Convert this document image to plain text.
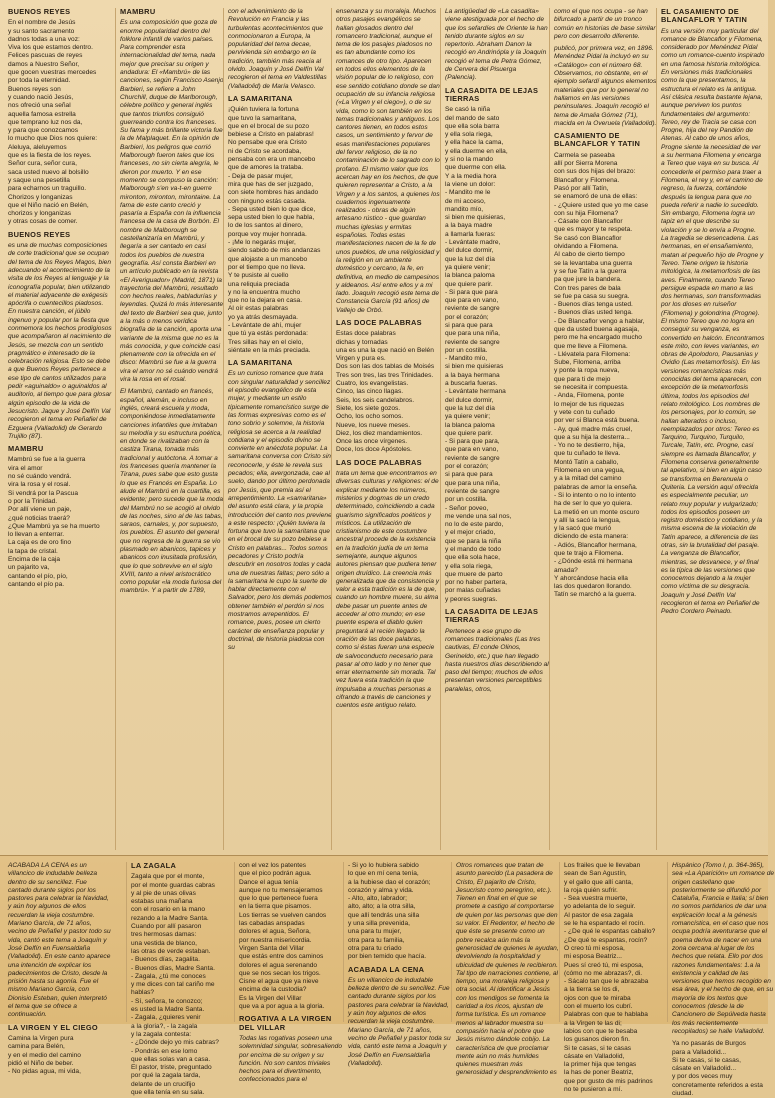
BUENOS REYES

En el nombre de Jesús
y su santo sacramento
dadnos todas a una voz:
Viva los que estamos dentro.
Felices pascuas de reyes
damos a Nuestro Señor,
que gocen vuestras mercedes
por toda la eternidad.
Buenos reyes son
y cuando nació Jesús,
nos ofreció una señal
aquella famosa estrella
que temprano luz nos da,
y para que conozcamos
lo mucho que Dios nos quiere:
Aleluya, aleluyemos
que es la fiesta de los reyes.
Señor cura, señor cura,
saca usted nuevo al bolsillo
y saque una pesetilla
para echarnos un traguillo.
Chorizos y longanizas
que el Niño nació en Belén,
chorizos y longanizas
y otras cosas de comer.

BUENOS REYES

es una de muchas composiciones de corte tradicional que se ocupan del tema de los Reyes Magos, bien adecuando el acontecimiento de la visita de los Reyes al lenguaje y la iconografía popular, bien utilizando el material adyacente de exégesis apócrifa o cuentecillos piadosos. En nuestra canción, el júbilo ingenuo y popular por la fiesta que conmemora los hechos prodigiosos que acompañaron al nacimiento de Jesús, se mezcla con un sentido pragmático e interesado de la celebración religiosa. Esto se debe a que Buenos Reyes pertenece a ese tipo de cantos utilizados para pedir «aguinaldo» o aguinaldos al auditorio, al tiempo que para glosar algún episodio de la vida de Jesucristo. Jaque y José Delfín Val recogieron el tema en Peñafiel de Ezguera (Valladolid) de Gerardo Trujillo (87).

MAMBRU

Mambrú se fue a la guerra
vira el amor
no sé cuándo vendrá.
vira la rosa y el rosal.
Si vendrá por la Pascua
o por la Trinidad.
Por allí viene un paje,
¿qué noticias traerá?
¿Que Mambrú ya se ha muerto
lo llevan a enterrar.
La caja es de oro fino
la tapa de cristal.
Encima de la caja
un pajarito va,
cantando el pío, pío,
cantando el pío pa.

MAMBRU

Es una composición que goza de enorme popularidad dentro del folklore infantil de varios países. Para comprender esta internacionalidad del tema, nada mejor que precisar su origen y andadura: El «Mambrú» de las canciones, según Francisco Asenjo Barbieri, se refiere a John Churchill, duque de Marlborough, célebre político y general inglés que tantos triunfos consiguió guerreando contra los franceses. Su fama y más brillante victoria fue la de Malplaquet. En la opinión de Barbieri, los peligros que corrió Malborough fueron tales que los franceses, no sin cierta alegría, le dieron por muerto. Y en ese momento se compuso la canción: Malborough s'en va-t-en guerre mironton, mironton, mirontaine. La fama de este canto creció y pasaría a España con la influencia francesa de la casa de Borbón. El nombre de Malborough se castellanizaría en Mambrú, y llegaría a ser cantado en casi todos los pueblos de nuestra geografía. Así consta Barbieri en un artículo publicado en la revista «El Averiguador» (Madrid, 1871) la trayectoria del Mambrú, resultado con hechos reales, habladurías y leyendas. Quizá lo más interesante del texto de Barbieri sea que, junto a la más o menos verídica biografía de la canción, aporta una variante de la misma que no es la más conocida, y que coincide casi plenamente con la ofrecida en el disco: Mambrú se fue a la guerra vira el amor no sé cuándo vendrá vira la rosa en el rosal.

El Mambrú, cantado en francés, español, alemán, e incluso en inglés, creará escuela y moda, componiéndose inmediatamente canciones infantiles que imitaban su melodía y su estructura poética, en donde se rivalizaban con la castiza Tirana, tonada más tradicional y autóctona. A tomar a los franceses quería mantener la Tirana, pues sabe que esto gusta lo que es Francés en España. Lo alude el Mambrú en la cuartilla, es evidente; pero sucede que la moda del Mambrú no se acogió al olvido de las noches, sino al de las tabas, saraos, carnales, y, por supuesto, los pueblos. El asunto del general que no regresa de la guerra se vio plasmado en abanicos, tapices y abanicos con inusitada profusión, que lo que sobrevive en el siglo XVIII, tanto a nivel aristocrático como popular «la moda furiosa del mambrú». Y a partir de 1789,

con el advenimiento de la Revolución en Francia y las turbulentas acontecimientos que conmocionaron a Europa, la popularidad del tema decae, pervivienda sin embargo en la tradición, también más reacia al olvido. Joaquín y José Delfín Val recogieron el tema en Valdestillas (Valladolid) de María Velasco.

LA SAMARITANA

¡Quién tuviera la fortuna
que tuvo la samaritana,
que en el brocal de su pozo
bebiese a Cristo en palabras!
No pensabe que era Cristo
ni de Cristo se acordaba,
pensaba con era un mancebo
que de amores la trataba.
- Deja de pasar mujer,
mira que has de ser juzgado,
con siete hombres has andado
con ninguno estás casada.
- Sepa usted bien lo que dice,
sepa usted bien lo que habla,
lo de los santos al dinero,
porque voy mujer honrada.
- ¡Me lo negarás mujer,
siendo sabido de mis andanzas
que alojaste a un mancebo
por el tiempo que no lleva.
Y te pusiste al cuello
una reliquia preciada
y no la encuentra mucho
que no la dejara en casa.
Al oír estas palabras
yo ya atrás desmayada.
- Levántate de ahí, mujer
que tú ya estás perdonada:
Tres sillas hay en el cielo,
siéntate en la más preciada.

LA SAMARITANA

Es un curioso romance que trata con singular naturalidad y sencillez el episodio evangélico de esta mujer, y mediante un estilo típicamente romancístico surge de las formas expresivas como es el tono sobrio y solemne, la historia religiosa se acerca a la realidad cotidiana y el episodio divino se convierte en anécdota popular. La samaritana conversa con Cristo sin reconocerle, y éste le revela sus pecados; ella, avergonzada, cae al suelo, dando por último perdonada por Jesús, que premia así el arrepentimiento. La «samaritana» del asunto está clara, y la propia introducción del canto nos previene a este respecto: ¡Quién tuviera la fortuna que tuvo la samaritana que en el brocal de su pozo bebiese a Cristo en palabras... Todos somos pecadores y Cristo podría descubrir en nosotros todas y cada una de nuestras faltas; pero sólo a la samaritana le cupo la suerte de hablar directamente con el Salvador, pero los demás podemos obtener también el perdón si nos mostramos arrepentidos. El romance, pues, posee un cierto carácter de enseñanza popular y doctrinal, de historia piadosa con su

ensenanza y su moraleja. Muchos otros pasajes evangélicos se hallan glosados dentro del romancero tradicional, aunque el tema de los pasajes piadosos no es tan abundante como los romances de otro tipo. Aparecen en todos ellos elementos de la visión popular de lo religioso, con ese sentido cotidiano donde se dan ocupación de su infancia religiosa («La Virgen y el ciego»), o de su vida, como lo son también en los temas tradicionales y antiguos. Los cantores tienen, en todos estos casos, un sentimiento y fervor de esas manifestaciones populares del fervor religioso, de la no contaminación de lo sagrado con lo profano. El mismo valor que los acercan hay en los hechos, de que quieren representar a Cristo, a la Virgen y a los santos, a quienes los cuadernos ingenuamente realizados - obras de algún artesano rústico - que guardan muchas iglesias y ermitas españolas. Todas estas manifestaciones nacen de la fe de unos pueblos, de una religiosidad y la religión en un ambiente doméstico y cercano, la fe, en definitiva, en medio de campesinos y aldeanos. Así entre ellos y a mi lado. Joaquín recogió este tema de Constancia García (91 años) de Vallejo de Orbó.

LAS DOCE PALABRAS

Estas doce palabras
dichas y tornadas
una es una la que nació en Belén
Virgen y pura es.
Dos son las dos tablas de Moisés
Tres son tres, las tres Trinidades.
Cuatro, los evangelistas.
Cinco, las cinco llagas.
Seis, los seis candelabros.
Siete, los siete gozos.
Ocho, los ocho somos.
Nueve, los nueve meses.
Diez, los diez mandamientos.
Once las once vírgenes.
Doce, los doce Apóstoles.

LAS DOCE PALABRAS

trata un tema que encontramos en diversas culturas y religiones: el de explicar mediante los números, misterios y dogmas de un credo determinado, coincidiendo a cada guarismo significados poéticos y místicos. La utilización de cristianismo de este costumbre ancestral procede de la existencia en la tradición judía de un tema semejante, aunque algunos autores piensan que pudiera tener origen druídico. La creencia más generalizada que da consistencia y valor a esta tradición es la de que, cuando un hombre muere, su alma debe pasar un puente antes de acceder al otro mundo; en ese puente espera el diablo quien preguntará al recién llegado la oración de las doce palabras, como si éstas fueran una especie de salvoconducto necesario para pasar al otro lado y no tener que errar eternamente sin morada. Tal vez fuera esta tradición la que impulsaba a muchas personas a cifrando a través de canciones y cuentos este antiguo relato.

La antigüedad de «La casadita» viene atestiguada por el hecho de que los sefardíes de Oriente la han tenido durante siglos en su repertorio. Abraham Danon la recogió en Andrinópla y la Joaquín recogió el tema de Petra Gómez, de Cervera del Pisuerga (Palencia).

LA CASADITA DE LEJAS TIERRAS

Se casó la niña
del mando de sato
que ella sola barra
y ella sola riega,
y ella hace la cama,
y ella duerme en ella,
y si no la mando
que duerme con ella.
Y a la media hora
la viene un dolor:
- Mandito me le
de mi acceso,
mandito mío,
si bien me quisieras,
a la baya madre
a llamarla fueras:
- Levántate madre,
del dulce dormir,
que la luz del día
ya quiere venir;
la blanca paloma
que quiere parir.
- Si para que para
que para en vano,
reviente de sangre
por el corazón;
si para que para
que para una niña,
reviente de sangre
por un costilla.
- Mandito mío,
si bien me quisieras
a la baya hermana
a buscarla fueras.
- Levántate hermana
del dulce dormir,
que la luz del día
ya quiere venir;
la blanca paloma
que quiere parir.
- Si para que para,
que para en vano,
reviente de sangre
por el corazón;
si para que para
que para una niña,
reviente de sangre
por un costilla.
- Señor poveo,
me vende una sal nos,
no lo de este pardo,
y el mejor criado,
que se para la niña
y el mando de todo
que ella sola hace,
y ella sola riega,
que muere de parto
por no haber partera,
por malas cuñadas
y peores suegras.

LA CASADITA DE LEJAS TIERRAS

Pertenece a ese grupo de romances tradicionales (Las tres cautivas, El conde Olinos, Gerineldo, etc.) que han llegado hasta nuestros días describiendo al paso del tiempo; muchos de ellos presentan versiones perceptibles paralelas, otros,

como el que nos ocupa - se han bifurcado a partir de un tronco común en historias de base similar pero con desarrollo diferente.

publicó, por primera vez, en 1896. Menéndez Pidal la incluyó en su «Catálogo» con el número 68. Observamos, no obstante, en el ejemplo sefardí algunos elementos materiales que por lo general no hallamos en las versiones peninsulares. Joaquín recogió el tema de Amalia Gómez (71), macida en la Overuela (Valladolid).

CASAMIENTO DE BLANCAFLOR Y TATIN

Carmela se paseaba
allí por Sierra Morena
con sus dos hijas del brazo:
Blancaflor y Filomena.
Pasó por allí Tatín,
se enamoró de una de ellas:
- ¿Quiere usted que yo me case
con su hija Filomena?
- Cásate con Blancaflor
que es mayor y te respeta.
Se casó con Blancaflor
olvidando a Filomena.
Al cabo de cierto tiempo
se la levantaba una guerra
y se fue Tatín a la guerra
pa que jure la bandera.
Con tres pares de bala
se fue pa casa su suegra.
- Buenos días tenga usted.
- Buenos días usted tenga.
- De Blancaflor vengo a hablar,
que da usted buena agasaja,
pero me ha encargado mucho
que me lleve a Filomena.
- Llévatela para Filomena:
Sube, Filomena, arriba
y ponte la ropa nueva,
que para ti de mejo
se necesita ir compuesta.
- Anda, Filomena, ponte
lo mejor de tus riquezas
y vete con tu cuñado
por ver si Blanca está buena.
- Ay, qué madre más cruel,
que a su hija la desterra...
- Yo no te destierro, hija,
que tu cuñado te lleva.
Montó Tatín a caballo,
Filomena en una yegua,
y a la mitad del camino
palabras de amor la enseña.
- Si lo intento o no lo intento
ha de ser lo que yo quiera.
La metió en un monte oscuro
y allí la sacó la lengua,
y la sacó que murió
diciendo de esta manera:
- Adiós, Blancaflor hermana,
que te trajo a Filomena.
- ¿Dónde está mi hermana
amada?
Y ahorcándose hacia ella
las dos quedaron llorando.
Tatín se marchó a la guerra.

EL CASAMIENTO DE BLANCAFLOR Y TATIN

Es una versión muy particular del romance de Blancaflor y Filomena, considerado por Menéndez Pidal como un romance-cuento inspirado en una famosa historia mitológica. En versiones más tradicionales como la que presentamos, la estructura el relato es la antigua. Así clásica resulta bastante lejana, aunque perviven los puntos fundamentales del argumento: Tereo, rey de Tracia se casa con Progne, hija del rey Pandión de Atenas. Al cabo de unos años, Progne siente la necesidad de ver a su hermana Filomena y encarga a Tereo que vaya en su busca. Al concederle el permiso para traer a Filomena, el rey y, en el camino de regreso, la fuerza, cortándole después la lengua para que no pueda referir a nadie lo sucedido. Sin embargo, Filomena logra un tapiz en el que describe su violación y se lo envía a Progne. La tragedia se desencadena. Las hermanas, en el ensañamiento, matan al pequeño hijo de Progne y Tereo. Tiene origen la historia mitológica, la metamorfosis de las aves. Finalmente, cuando Tereo persigue espada en mano a las dos hermanas, son transformadas por los dioses en ruiseñor (Filomena) y golondrina (Progne). El mismo Tereo que no logra en conseguir su venganza, es convertido en halcón. Encontramos este mito, con leves variantes, en obras de Apolodoro, Pausanias y Ovidio (Las metamorfosis). En las versiones romancísticas más conocidas del tema aparecen, con excepción de la metamorfosis última, todos los episodios del relato mitológico. Los nombres de los personajes, por lo común, se hallan alterados o incluso, reemplazados por otros: Tereo es Tarquino, Turquino, Turquilo, Turcale, Tatín, etc. Progne, casi siempre es llamada Blancaflor, y Filomena conserva generalmente tal apelativo, si bien en algún caso se transforma en Berenuela o Quiteria. La versión aquí ofrecida es especialmente peculiar, un relato muy popular y vulgarizado; todos los episodios poseen un registro doméstico y cotidiano, y la misma escena de la violación de Tatín aparece, a diferencia de las otras, sin la brutalidad del pasaje. La venganza de Blancaflor, mientras, se desvanece, y el final es la típica de las versiones que conocemos dejando a la mujer como víctima de su desgracia. Joaquín y José Delfín Val recogieron el tema en Peñafiel de Pedro Cordero Peinado.

ACABADA LA CENA es un villancico de indudable belleza dentro de su sencillez. Fue cantado durante siglos por los pastores para celebrar la Navidad, y aún hoy algunos de ellos recuerdan la vieja costumbre. Mariano García, de 71 años, vecino de Peñafiel y pastor todo su vida, cantó este tema a Joaquín y José Delfín en Fuensaldaña (Valladolid). En este canto aparece una intención de explicar los padecimientos de Cristo, desde la prisión hasta su agonía. Fue el mismo Mariano García, con Dionisio Esteban, quien interpretó el tema que se ofrece a continuación.

LA VIRGEN Y EL CIEGO

Camina la Virgen pura
camina para Belén,
y en el medio del camino
pidió el Niño de beber.
- No pidas agua, mi vida,

LA ZAGALA

Zagala que por el monte,
por el monte guardas cabras
y al pie de unas olivas
estabas una mañana
con el rosario en la mano
rezando a la Madre Santa.
Cuando por allí pasaron
tres hermosas damas:
una vestida de blanco,
las otras de verde estaban.
- Buenos días, zagalita.
- Buenos días, Madre Santa.
- Zagala, ¿tú me conoces
y me dices con tal cariño me hablas?
- Sí, señora, te conozco;
es usted la Madre Santa.
- Zagala, ¿quieres venir
a la gloria?, - la zagala
y la zagala contesta:
- ¿Dónde dejo yo mis cabras?
- Pondrás en ese lomo
que ellas solas van a casa.
El pastor, triste, preguntado
por qué la zagala tarda,
delante de un crucifijo
que ella tenía en su sala.

con el vez los patentes
que el pico podrán agua.
Dance el agua tenía
aunque no tu mensajeramos
que lo que pertenece fuera
en la tierra que pisamos.
Los tierras se vuelven candos
las cabadas anspadas
dolores el agua, Señora,
por nuestra misericordia.
Virgen Santa del Villar
que estás entre dos caminos
dolores el agua serenando
que se nos secan los trigos.
Cisne el agua que ya nieve
encima de la custodia?
Es la Virgen del Villar
que va a por agua a la gloria.

ROGATIVA A LA VIRGEN DEL VILLAR

Todas las rogativas poseen una solemnidad singular, sobresaliendo por encima de su origen y su función. No son cantos triviales hechos para el divertimento, confeccionados para el

- Si yo lo hubiera sabido
lo que en mí cena tenía,
a la hubiese dao el corazón;
corazón y alma y vida.
- Alto, alto, labrador;
alto, alto; a la otra silla,
que allí tendrás una silla
y una silla prevenida,
una para tu mujer,
otra para tu familia,
otra para tu criado
por bien temido que hacía.

ACABADA LA CENA

Es un villancico de indudable belleza dentro de su sencillez. Fue cantado durante siglos por los pastores para celebrar la Navidad, y aún hoy algunos de ellos recuerdan la vieja costumbre. Mariano García, de 71 años, vecino de Peñafiel y pastor toda su vida, cantó este tema a Joaquín y José Delfín en Fuensaldaña (Valladolid).

Otros romances que tratan de asunto parecido (La pasadera de Cristo, El pajarito de Cristo, Jesucristo como peregrino, etc.). Tienen en final en el que se promete a castigo al comportarse de quien por las personas que den su valor. El Redentor, el hecho de que éste se presente como un pobre recalca aún más la generosidad de quienes le ayudan, devolviendo la hospitalidad y ubicuidad de quienes le recibieron. Tal tipo de narraciones contiene, al tiempo, una moraleja religiosa y otra social. Al identificar a Jesús con los mendigos se fomenta la caridad a los ricos, ajustan de forma turística. Es un romance menos al labrador muestra su compasión hacia el pobre que Jesús mismo dándole cobijo. La característica de que proclamar mente aún no más humildes quienes muestran más generosidad y desprendimiento es

Los frailes que le llevaban
sean de San Agustín,
y el gallo que allí canta,
la roja quién sufrir.
- Sea vuestra muerte,
yo adelanta de lo seguir.
Al pastor de esa zagala
se le ha espantado el rocín.
- ¿De qué le espantas caballo?
¿De qué te espantas, rocín?
O creo tú mi esposa,
mi esposa Beatriz...
Pues sí creó tú, mi esposa,
(cómo no me abrazas?, di.
- Sácalo tan que le abrazaba
a la tierra se los di,
ojos con que te miraba
con el muerto los cubrí.
Palabras con que te hablaba
a la Virgen te las di;
labios con que te besaba
los gusanos dieron fin.
Si te casas, si te casas
cásate en Valladolid,
la primer hija que tengas
la has de poner Beatriz,
que por gusto de mis padrinos
no te pusieron a mí.

Hispánico (Tomo I, p. 364-365), sea «La Aparición» un romance de origen castellano que posteriormente se difundió por Cataluña, Francia e Italia; sí bien no somos partidarios de dar una explicación local a la génesis romancística, en el caso que nos ocupa podría aventurarse que el poema deriva de nacer en una zona cercana al lugar de los hechos que relata. Ello por dos razones fundamentales: 1.a la existencia y calidad de las versiones que hemos recogido en esa área, y el hecho de que, en su mayoría de los textos que conocemos (desde la de Cancionero de Sepúlveda hasta los más recientemente recopilados) se halle Valladolid.

Ya no pasarás de Burgos
para a Valladolid...
Si te casas, si te casas,
cásate en Valladolid...
y por dos veces muy concretamente referidos a esta ciudad.
